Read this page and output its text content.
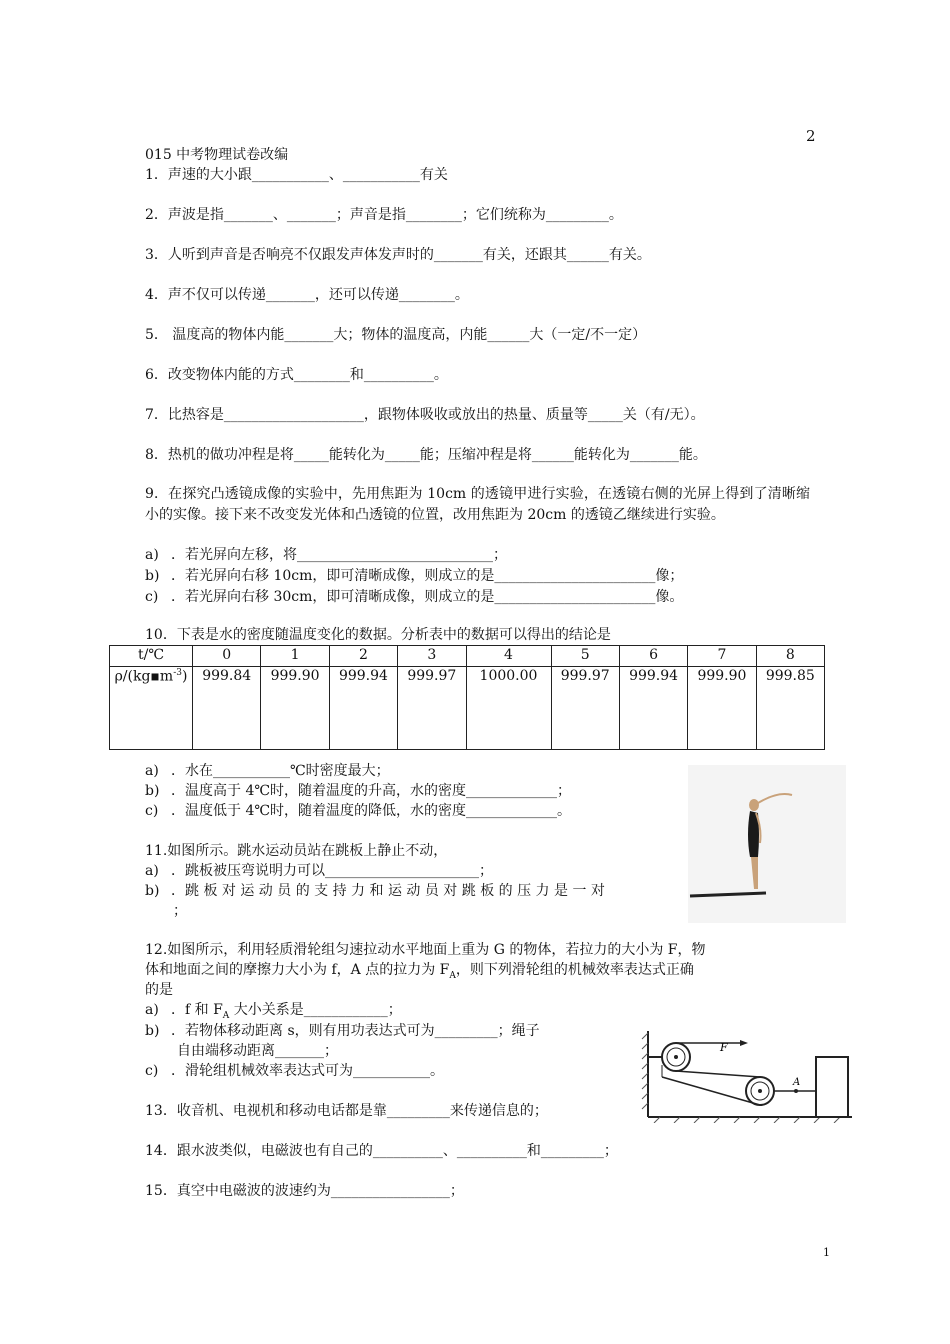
2
015 中考物理试卷改编
1．声速的大小跟___________、___________有关
2．声波是指_______、_______；声音是指________；它们统称为_________。
3．人听到声音是否响亮不仅跟发声体发声时的_______有关，还跟其______有关。
4．声不仅可以传递_______，还可以传递________。
5． 温度高的物体内能_______大；物体的温度高，内能______大（一定/不一定）
6．改变物体内能的方式________和__________。
7．比热容是____________________，跟物体吸收或放出的热量、质量等_____关（有/无）。
8．热机的做功冲程是将_____能转化为_____能；压缩冲程是将______能转化为_______能。
9．在探究凸透镜成像的实验中，先用焦距为 10cm 的透镜甲进行实验，在透镜右侧的光屏上得到了清晰缩小的实像。接下来不改变发光体和凸透镜的位置，改用焦距为 20cm 的透镜乙继续进行实验。
a) ．若光屏向左移，将____________________________；
b) ．若光屏向右移 10cm，即可清晰成像，则成立的是_______________________像；
c) ．若光屏向右移 30cm，即可清晰成像，则成立的是_______________________像。
10．下表是水的密度随温度变化的数据。分析表中的数据可以得出的结论是
t/℃	0	1	2	3	4	5	6	7	8
$\rho/(kg▪m^{-3})$	999.84	999.90	999.94	999.97	1000.00	999.97	999.94	999.90	999.85
a) ．水在___________℃时密度最大；
b) ．温度高于 4℃时，随着温度的升高，水的密度_____________；
c) ．温度低于 4℃时，随着温度的降低，水的密度_____________。
11.如图所示。跳水运动员站在跳板上静止不动，
a) ．跳板被压弯说明力可以______________________；
b) ．跳 板 对 运 动 员 的 支 持 力 和 运 动 员 对 跳 板 的 压 力 是 一 对
；
12.如图所示，利用轻质滑轮组匀速拉动水平地面上重为 G 的物体，若拉力的大小为 F，物
体和地面之间的摩擦力大小为 f，A 点的拉力为 $F_A$，则下列滑轮组的机械效率表达式正确
的是
a) ．f 和 $F_A$ 大小关系是____________；
b) ．若物体移动距离 s，则有用功表达式可为_________；绳子
自由端移动距离_______；
c) ．滑轮组机械效率表达式可为___________。
F
A
13．收音机、电视机和移动电话都是靠_________来传递信息的；
14．跟水波类似，电磁波也有自己的__________、__________和_________；
15．真空中电磁波的波速约为_________________；
1
